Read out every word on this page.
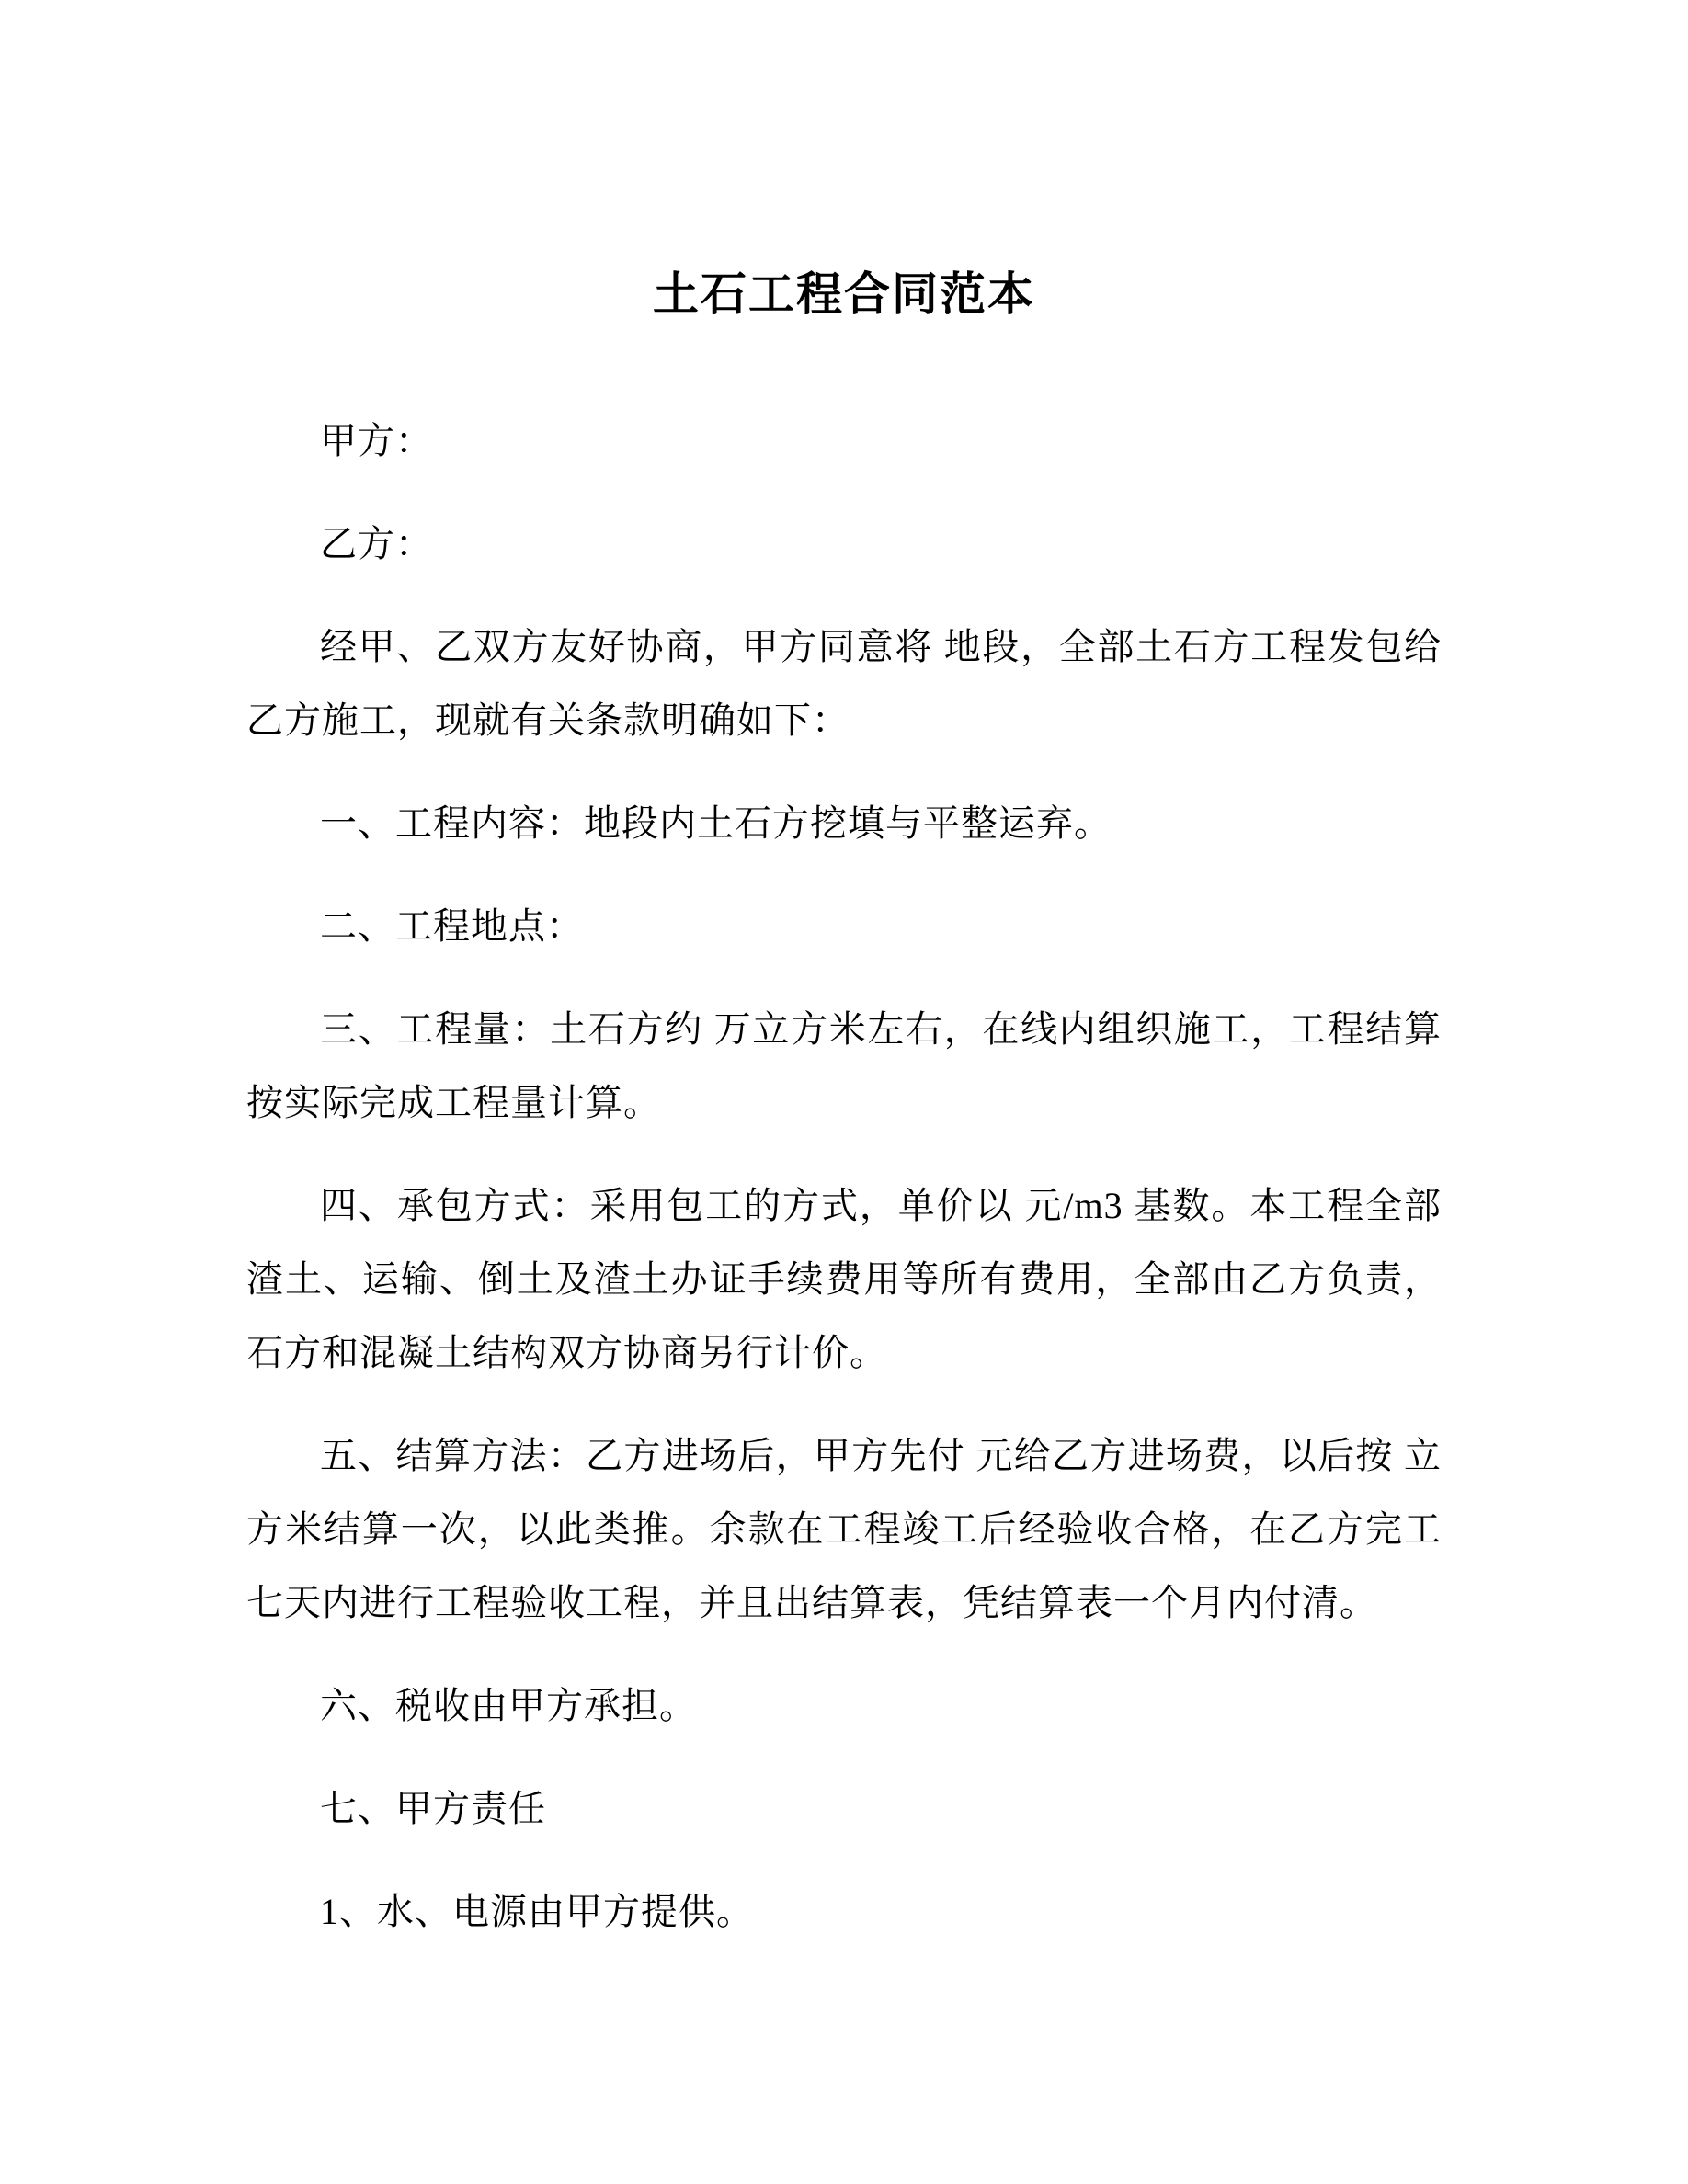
土石工程合同范本

甲方：

乙方：

经甲、乙双方友好协商，甲方同意将 地段，全部土石方工程发包给乙方施工，现就有关条款明确如下：

一、工程内容：地段内土石方挖填与平整运弃。

二、工程地点：

三、工程量：土石方约 万立方米左右，在线内组织施工，工程结算按实际完成工程量计算。

四、承包方式：采用包工的方式，单价以 元/m3 基数。本工程全部渣土、运输、倒土及渣土办证手续费用等所有费用，全部由乙方负责，石方和混凝土结构双方协商另行计价。

五、结算方法：乙方进场后，甲方先付 元给乙方进场费，以后按 立方米结算一次，以此类推。余款在工程竣工后经验收合格，在乙方完工七天内进行工程验收工程，并且出结算表，凭结算表一个月内付清。

六、税收由甲方承担。

七、甲方责任

1、水、电源由甲方提供。
